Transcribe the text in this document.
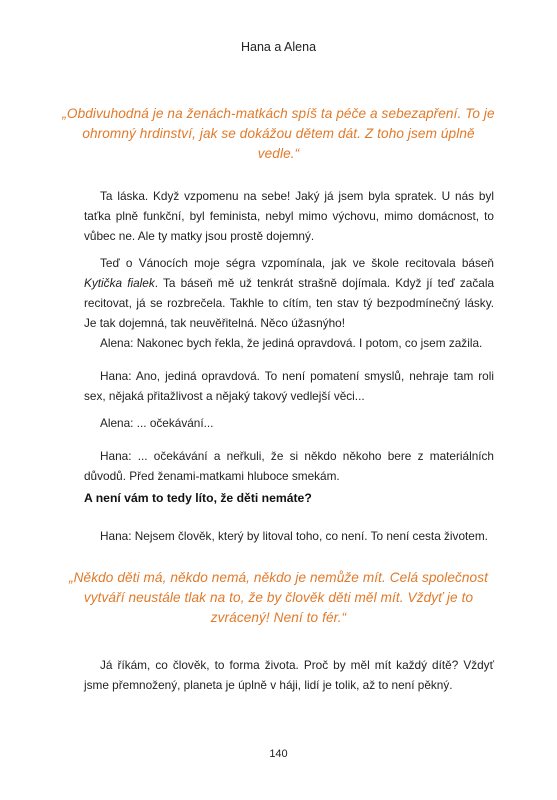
Hana a Alena
„Obdivuhodná je na ženách-matkách spíš ta péče a sebezapření. To je ohromný hrdinství, jak se dokážou dětem dát. Z toho jsem úplně vedle.“
Ta láska. Když vzpomenu na sebe! Jaký já jsem byla spratek. U nás byl taťka plně funkční, byl feminista, nebyl mimo výchovu, mimo domácnost, to vůbec ne. Ale ty matky jsou prostě dojemný.
Teď o Vánocích moje ségra vzpomínala, jak ve škole recitovala báseň Kytička fialek. Ta báseň mě už tenkrát strašně dojímala. Když jí teď začala recitovat, já se rozbrečela. Takhle to cítím, ten stav tý bezpodmínečný lásky. Je tak dojemná, tak neuvěřitelná. Něco úžasnýho!
Alena: Nakonec bych řekla, že jediná opravdová. I potom, co jsem zažila.
Hana: Ano, jediná opravdová. To není pomatení smyslů, nehraje tam roli sex, nějaká přitažlivost a nějaký takový vedlejší věci...
Alena: ... očekávání...
Hana: ... očekávání a neřkuli, že si někdo někoho bere z materiálních důvodů. Před ženami-matkami hluboce smekám.
A není vám to tedy líto, že děti nemáte?
Hana: Nejsem člověk, který by litoval toho, co není. To není cesta životem.
„Někdo děti má, někdo nemá, někdo je nemůže mít. Celá společnost vytváří neustále tlak na to, že by člověk děti měl mít. Vždyť je to zvrácený! Není to fér.“
Já říkám, co člověk, to forma života. Proč by měl mít každý dítě? Vždyť jsme přemnožený, planeta je úplně v háji, lidí je tolik, až to není pěkný.
140
